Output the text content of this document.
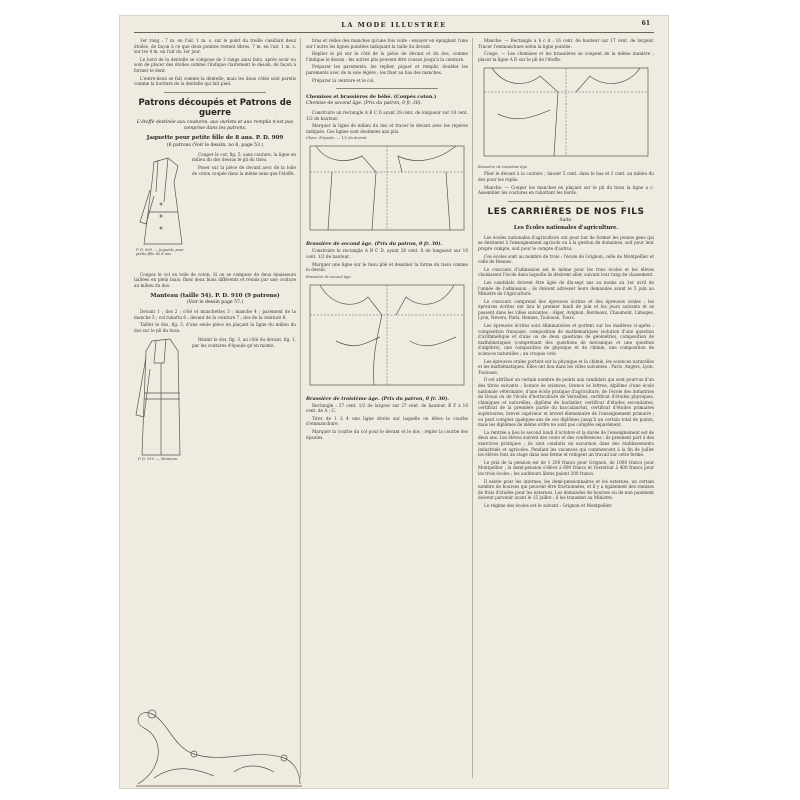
LA MODE ILLUSTRÉE	61

1er rang : 7 m. en l'air, 1 m. s. sur le point du treille cueillant deux étoiles, de façon à ce que deux pointes restent libres, 7 m. en l'air, 1 m. s. sur les 4 m. en l'air du 1er jour.

Le bord de la dentelle se compose de 3 rangs ainsi faits, après avoir eu soin de placer des étoiles comme l'indique clairement le dessin, de façon à former le dent.

L'entre-deux se fait comme la dentelle, mais les deux côtés sont pareils comme la bordure de la dentelle qui fait pied.

Patrons découpés et Patrons de guerre
L'étoffe destinée aux coutures, aux ourlets et aux remplis n'est pas comprise dans les patrons.
Jaquette pour petite fille de 8 ans. P. D. 909
(6 patrons (Voir le dessin, no 6, page 53.)

Couper le cor, fig. 5, sans couture, la ligne en milieu du dos dessus le pli du tissu.

Poser sur la pièce de devant avec de la toile de coton coupée dans la même sens que l'étoffe.

P. D. 909. — Jaquette pour petite fille de 8 ans.

Coupez le col en toile de coton. Si on se compose de deux épaisseurs taillées en plein biais, fixez deux biais différents et réunis par une couture au milieu du dos.

Manteau (taille 54). P. D. 910 (9 patrons)
(Voir le dessin page 57.)

Devant 1 ; dos 2 ; côté et manchettes 3 ; manche 4 ; parement de la manche 5 ; col rabattu 6 ; devant de la ceinture 7 ; dos de la ceinture 8.

Tailler le dos, fig. 3, d'une seule pièce en plaçant la ligne du milieu du dos sur le pli du tissu.

Réunir le dos, fig. 3, au côté du devant, fig. 1, par les coutures d'épaule qu'on monte.

P. D. 910. — Manteau.

bras et celles des manches qu'une fois voite : essayer en épinglant l'une sur l'autre les lignes pointées indiquant la taille du devant.

Replier le pli sur le côté de la pièce de devant et du dos, comme l'indique le dessin : les autres plis peuvent être cousus jusqu'à la ceinture.

Préparer les parements, les replier, piquer et remplir, doubler les parements avec de la soie légère ; les fixer au bas des manches.

Préparer la ceinture et le col.

Chemises et brassières de bébé. (Coupés coton.)
Chemise de second âge. (Prix du patron, 0 fr. 30).

Construire un rectangle A B C D ayant 28 cent. de longueur sur 18 cent. 1/2 de hauteur.

Marquer la ligne de milieu du dos et tracer le devant avec les repères indiqués. Ces lignes sont destinées aux plis.

Chem. d'épaule. — 1/2 du devant
Brassière de second âge. (Prix du patron, 0 fr. 30).

Construire le rectangle A B C D, ayant 26 cent. 8 de longueur sur 10 cent. 1/2 de hauteur.

Marquer une ligne sur le tissu plié et dessiner la forme du tissu comme le dessin.

Brassière de second âge.
Brassière de troisième âge. (Prix du patron, 0 fr. 30).

Rectangle : 27 cent. 1/2 de largeur sur 27 cent. de hauteur. B F à 10 cent. de A ; C.

Tirer de 1 à 4 une ligne droite sur laquelle on élève la courbe d'emmanchure.

Marquer la courbe du col pour le devant et le dos ; régler la courbe des épaules.

Manche. — Rectangle a b c d : 16 cent. de hauteur sur 17 cent. de largeur. Tracer l'emmanchure selon la ligne pointée.

Coupe. — Les chemises et les brassières se coupent de la même manière ; placer la ligne A D sur le pli de l'étoffe.

Brassière de troisième âge.

Plier le devant à la couture ; laisser 5 cent. dans le bas et 2 cent. au milieu du dos pour les replis.

Manche. — Couper les manches en plaçant sur le pli du tissu la ligne a c. Assembler les coutures en rabattant les bords.

LES CARRIÈRES DE NOS FILS
Suite.
Les Écoles nationales d'agriculture.

Les écoles nationales d'agriculture ont pour but de former les jeunes gens qui se destinent à l'enseignement agricole ou à la gestion de domaines, soit pour leur propre compte, soit pour le compte d'autrui.

Ces écoles sont au nombre de trois : l'école de Grignon, celle de Montpellier et celle de Rennes.

Le concours d'admission est le même pour les trois écoles et les élèves choisissent l'école dans laquelle ils désirent aller, suivant leur rang de classement.

Les candidats doivent être âgés de dix-sept ans au moins au 1er avril de l'année de l'admission ; ils doivent adresser leurs demandes avant le 5 juin au Ministre de l'Agriculture.

Le concours comprend des épreuves écrites et des épreuves orales ; les épreuves écrites ont lieu le premier lundi de juin et les jours suivants et se passent dans les villes suivantes : Alger, Avignon, Bordeaux, Chaumont, Limoges, Lyon, Nevers, Paris, Rennes, Toulouse, Tours.

Les épreuves écrites sont éliminatoires et portent sur les matières ci-après : composition française, composition de mathématiques (solution d'une question d'arithmétique et d'une ou de deux questions de géométrie), composition de mathématiques (comprenant des questions de mécanique et une question d'algèbre), une composition de physique et de chimie, une composition de sciences naturelles ; un croquis coté.

Les épreuves orales portent sur la physique et la chimie, les sciences naturelles et les mathématiques. Elles ont lieu dans les villes suivantes : Paris, Angers, Lyon, Toulouse.

Il est attribué un certain nombre de points aux candidats qui sont pourvus d'un des titres suivants : licence ès sciences, licence ès lettres, diplôme d'une école nationale vétérinaire, d'une école pratique d'agriculture, de l'école des industries de Douai ou de l'école d'horticulture de Versailles, certificat d'études physiques, chimiques et naturelles, diplôme de bachelier, certificat d'études secondaires, certificat de la première partie du baccalauréat, certificat d'études primaires supérieures, brevet supérieur et brevet élémentaire de l'enseignement primaire ; ou peut compter quelques-uns de ces diplômes jusqu'à un certain total de points, mais les diplômes de même ordre ne sont pas comptés séparément.

La rentrée a lieu le second lundi d'octobre et la durée de l'enseignement est de deux ans. Les élèves suivent des cours et des conférences ; ils prennent part à des exercices pratiques ; ils sont conduits en excursion dans des établissements industriels et agricoles. Pendant les vacances qui commencent à la fin de juillet les élèves font un stage dans une ferme et rédigent un travail sur cette ferme.

Le prix de la pension est de 1 200 francs pour Grignon, de 1000 francs pour Montpellier ; la demi-pension s'élève à 600 francs et l'externat à 400 francs pour les trois écoles ; les auditeurs libres paient 200 francs.

Il existe pour les internes, les demi-pensionnaires et les externes, un certain nombre de bourses qui peuvent être fractionnées, et il y a également des remises de frais d'études pour les externes. Les demandes de bourses ou de non paiement doivent parvenir avant le 15 juillet ; il les transmet au Ministre.

Le régime des écoles est le suivant : Grignon et Montpellier.
